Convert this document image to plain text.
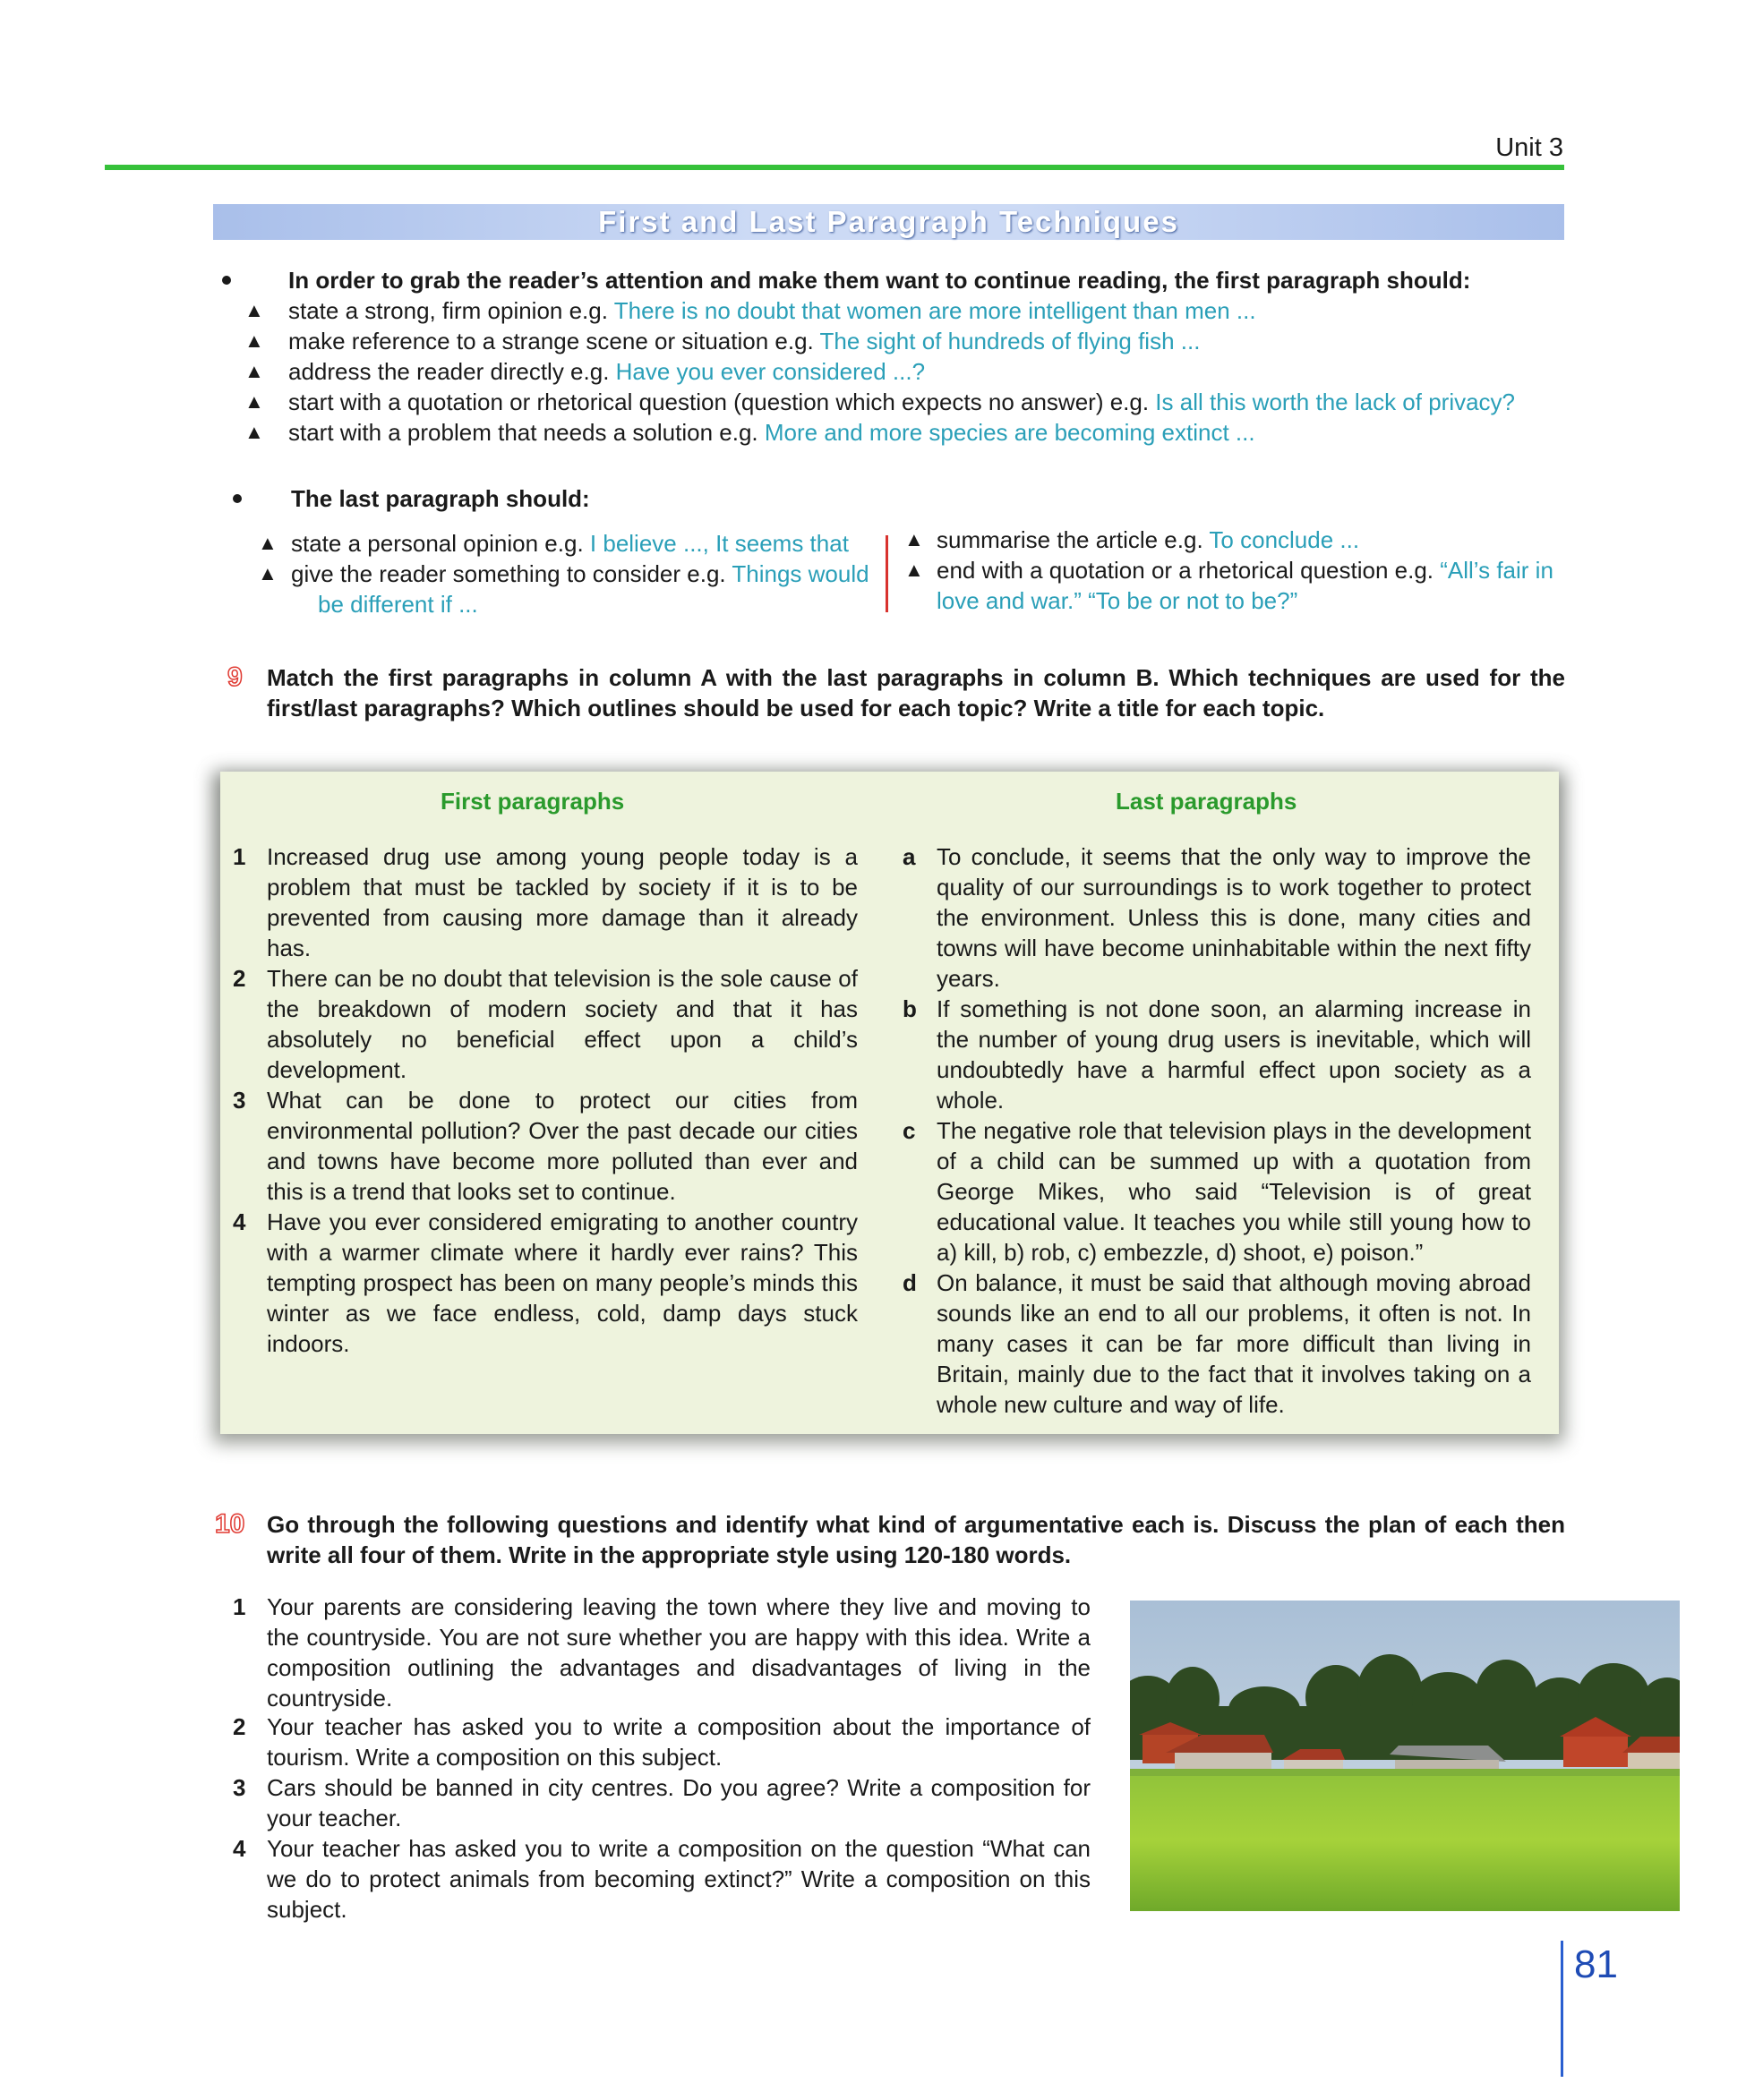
Unit 3
First and Last Paragraph Techniques
In order to grab the reader’s attention and make them want to continue reading, the first paragraph should:
▲ state a strong, firm opinion e.g. There is no doubt that women are more intelligent than men ...
▲ make reference to a strange scene or situation e.g. The sight of hundreds of flying fish ...
▲ address the reader directly e.g. Have you ever considered ...?
▲ start with a quotation or rhetorical question (question which expects no answer) e.g. Is all this worth the lack of privacy?
▲ start with a problem that needs a solution e.g. More and more species are becoming extinct ...
The last paragraph should:
▲ state a personal opinion e.g. I believe ..., It seems that
▲ give the reader something to consider e.g. Things would be different if ...
▲ summarise the article e.g. To conclude ...
▲ end with a quotation or a rhetorical question e.g. “All’s fair in love and war.” “To be or not to be?”
9 Match the first paragraphs in column A with the last paragraphs in column B. Which techniques are used for the first/last paragraphs? Which outlines should be used for each topic? Write a title for each topic.
First paragraphs	Last paragraphs
1 Increased drug use among young people today is a problem that must be tackled by society if it is to be prevented from causing more damage than it already has.
2 There can be no doubt that television is the sole cause of the breakdown of modern society and that it has absolutely no beneficial effect upon a child’s development.
3 What can be done to protect our cities from environmental pollution? Over the past decade our cities and towns have become more polluted than ever and this is a trend that looks set to continue.
4 Have you ever considered emigrating to another country with a warmer climate where it hardly ever rains? This tempting prospect has been on many people’s minds this winter as we face endless, cold, damp days stuck indoors.
a To conclude, it seems that the only way to improve the quality of our surroundings is to work together to protect the environment. Unless this is done, many cities and towns will have become uninhabitable within the next fifty years.
b If something is not done soon, an alarming increase in the number of young drug users is inevitable, which will undoubtedly have a harmful effect upon society as a whole.
c The negative role that television plays in the development of a child can be summed up with a quotation from George Mikes, who said “Television is of great educational value. It teaches you while still young how to a) kill, b) rob, c) embezzle, d) shoot, e) poison.”
d On balance, it must be said that although moving abroad sounds like an end to all our problems, it often is not. In many cases it can be far more difficult than living in Britain, mainly due to the fact that it involves taking on a whole new culture and way of life.
10 Go through the following questions and identify what kind of argumentative each is. Discuss the plan of each then write all four of them. Write in the appropriate style using 120-180 words.
1 Your parents are considering leaving the town where they live and moving to the countryside. You are not sure whether you are happy with this idea. Write a composition outlining the advantages and disadvantages of living in the countryside.
2 Your teacher has asked you to write a composition about the importance of tourism. Write a composition on this subject.
3 Cars should be banned in city centres. Do you agree? Write a composition for your teacher.
4 Your teacher has asked you to write a composition on the question “What can we do to protect animals from becoming extinct?” Write a composition on this subject.
81
